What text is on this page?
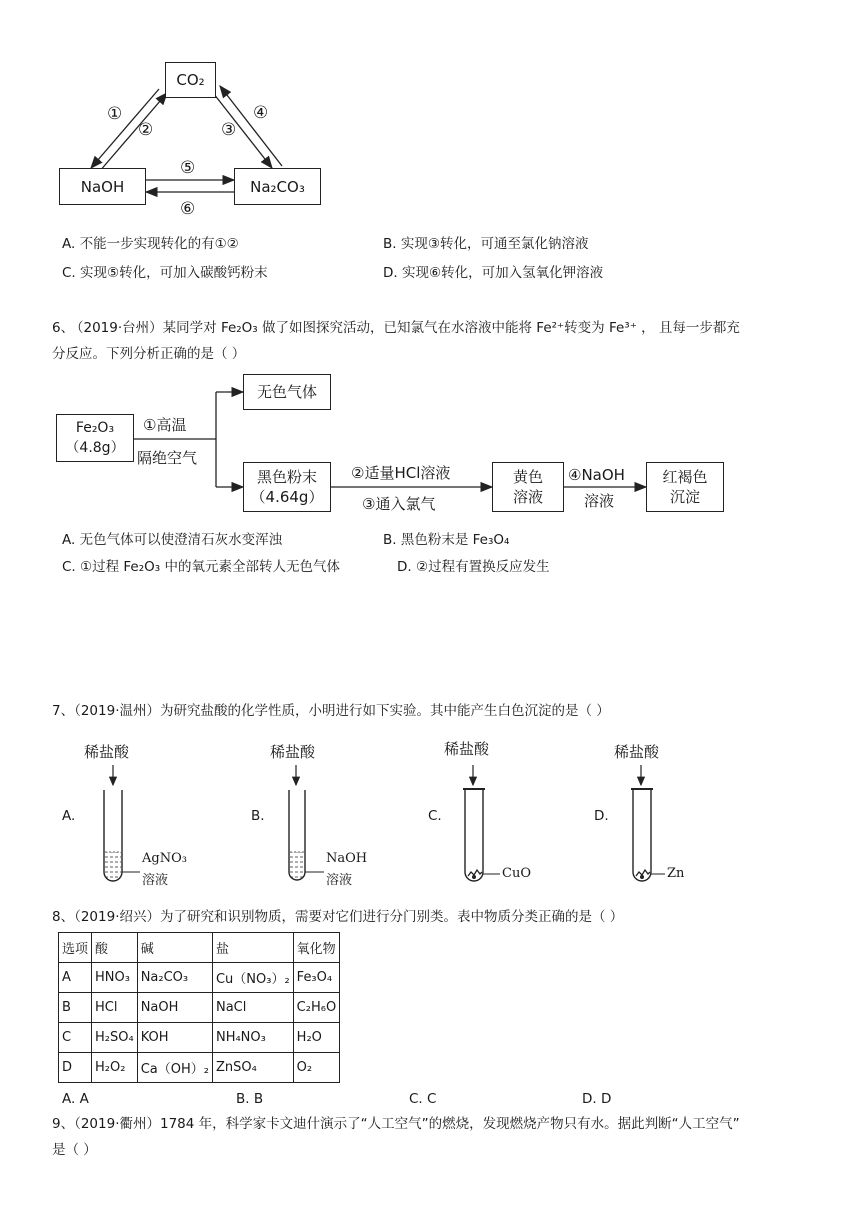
CO₂
NaOH	Na₂CO₃
①
②	③
④
⑤
⑥
A. 不能一步实现转化的有①②	B. 实现③转化，可通至氯化钠溶液
C. 实现⑤转化，可加入碳酸钙粉末	D. 实现⑥转化，可加入氢氧化钾溶液
6、
（2019·台州）某同学对 Fe₂O₃ 做了如图探究活动，已知氯气在水溶液中能将 Fe²⁺转变为 Fe³⁺ ， 且每一步都充
分反应。下列分析正确的是（ ）
Fe₂O₃
（4.8g）
①高温
隔绝空气
无色气体
黑色粉末
（4.64g）
②适量HCl溶液
③通入氯气
黄色
溶液
④NaOH
溶液
红褐色
沉淀
A. 无色气体可以使澄清石灰水变浑浊	B. 黑色粉末是 Fe₃O₄
C. ①过程 Fe₂O₃ 中的氧元素全部转人无色气体	D. ②过程有置换反应发生
7、（2019·温州）为研究盐酸的化学性质，小明进行如下实验。其中能产生白色沉淀的是（ ）
稀盐酸
A.
AgNO₃
溶液
稀盐酸
B.
NaOH
溶液
稀盐酸
C.
CuO
稀盐酸
D.
Zn
8、（2019·绍兴）为了研究和识别物质，需要对它们进行分门别类。表中物质分类正确的是（ ）
选项	酸	碱	盐	氧化物
A	HNO₃	Na₂CO₃	Cu（NO₃）₂	Fe₃O₄
B	HCl	NaOH	NaCl	C₂H₆O
C	H₂SO₄	KOH	NH₄NO₃	H₂O
D	H₂O₂	Ca（OH）₂	ZnSO₄	O₂
A. A	B. B	C. C	D. D
9、（2019·衢州）1784 年，科学家卡文迪什演示了“人工空气”的燃烧，发现燃烧产物只有水。据此判断“人工空气”
是（ ）
